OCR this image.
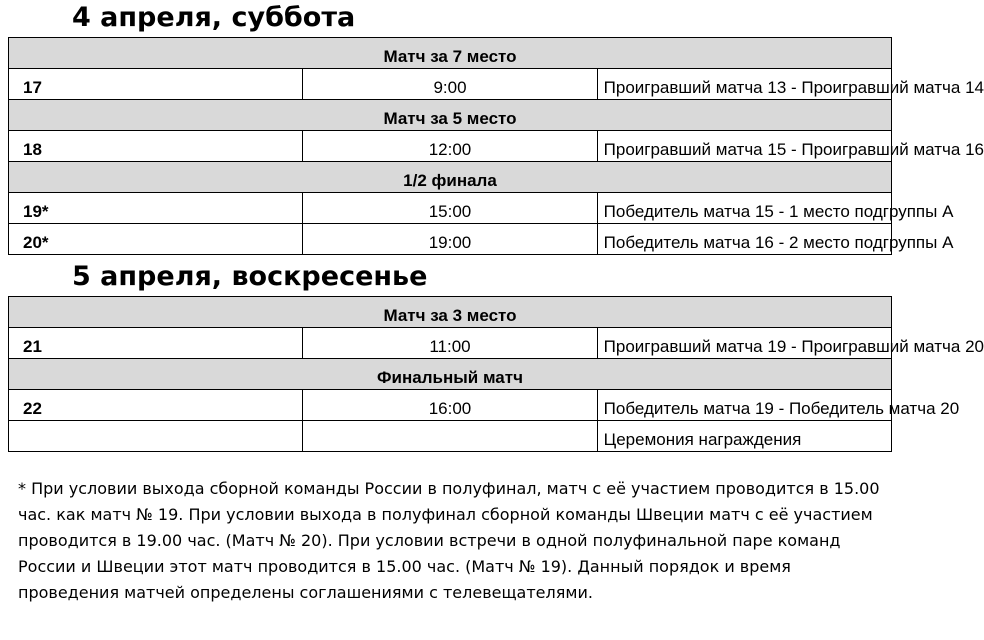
4 апреля, суббота
Матч за 7 место		
17	9:00	Проигравший матча 13 - Проигравший матча 14
Матч за 5 место		
18	12:00	Проигравший матча 15 - Проигравший матча 16
1/2 финала		
19*	15:00	Победитель матча 15 - 1 место подгруппы А
20*	19:00	Победитель матча 16 - 2 место подгруппы А
5 апреля, воскресенье
Матч за 3 место		
21	11:00	Проигравший матча 19 - Проигравший матча 20
Финальный матч		
22	16:00	Победитель матча 19 - Победитель матча 20
		Церемония награждения

* При условии выхода сборной команды России в полуфинал, матч с её участием проводится в 15.00 час. как матч № 19. При условии выхода в полуфинал сборной команды Швеции матч с её участием проводится в 19.00 час. (Матч № 20). При условии встречи в одной полуфинальной паре команд России и Швеции этот матч проводится в 15.00 час. (Матч № 19). Данный порядок и время проведения матчей определены соглашениями с телевещателями.
